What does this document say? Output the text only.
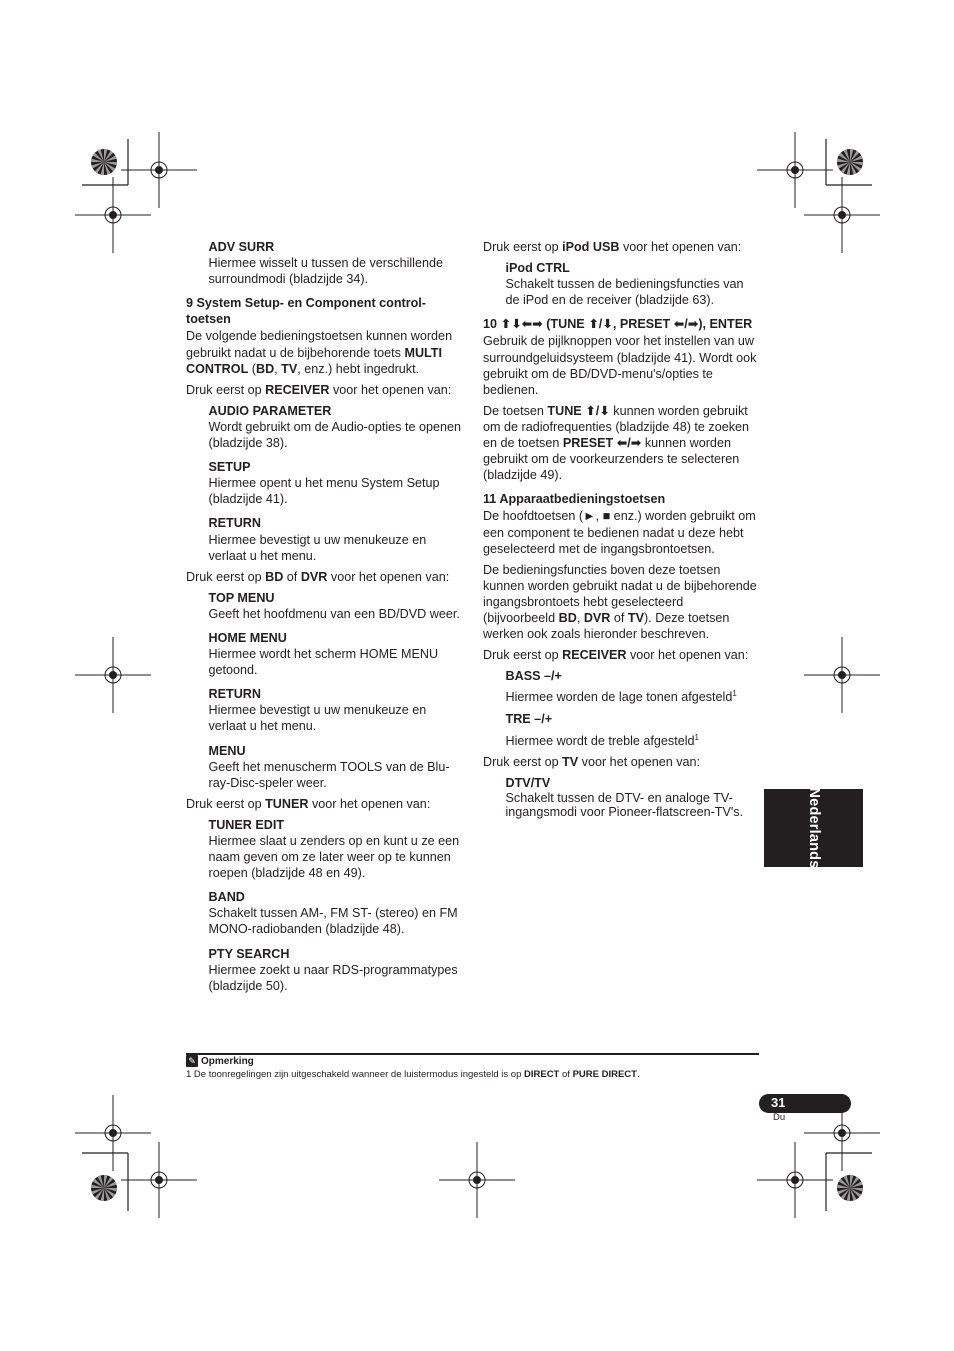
ADV SURR

Hiermee wisselt u tussen de verschillende surroundmodi (bladzijde 34).

9 System Setup- en Component control-toetsen

De volgende bedieningstoetsen kunnen worden gebruikt nadat u de bijbehorende toets MULTI CONTROL (BD, TV, enz.) hebt ingedrukt.

Druk eerst op RECEIVER voor het openen van:

AUDIO PARAMETER

Wordt gebruikt om de Audio-opties te openen (bladzijde 38).

SETUP

Hiermee opent u het menu System Setup (bladzijde 41).

RETURN

Hiermee bevestigt u uw menukeuze en verlaat u het menu.

Druk eerst op BD of DVR voor het openen van:

TOP MENU

Geeft het hoofdmenu van een BD/DVD weer.

HOME MENU

Hiermee wordt het scherm HOME MENU getoond.

RETURN

Hiermee bevestigt u uw menukeuze en verlaat u het menu.

MENU

Geeft het menuscherm TOOLS van de Blu-ray-Disc-speler weer.

Druk eerst op TUNER voor het openen van:

TUNER EDIT

Hiermee slaat u zenders op en kunt u ze een naam geven om ze later weer op te kunnen roepen (bladzijde 48 en 49).

BAND

Schakelt tussen AM-, FM ST- (stereo) en FM MONO-radiobanden (bladzijde 48).

PTY SEARCH

Hiermee zoekt u naar RDS-programmatypes (bladzijde 50).

Druk eerst op iPod USB voor het openen van:

iPod CTRL

Schakelt tussen de bedieningsfuncties van de iPod en de receiver (bladzijde 63).

10 ⬆⬇⬅➡ (TUNE ⬆/⬇, PRESET ⬅/➡), ENTER

Gebruik de pijlknoppen voor het instellen van uw surroundgeluidsysteem (bladzijde 41). Wordt ook gebruikt om de BD/DVD-menu's/opties te bedienen.

De toetsen TUNE ⬆/⬇ kunnen worden gebruikt om de radiofrequenties (bladzijde 48) te zoeken en de toetsen PRESET ⬅/➡ kunnen worden gebruikt om de voorkeurzenders te selecteren (bladzijde 49).

11 Apparaatbedieningstoetsen

De hoofdtoetsen (►, ■ enz.) worden gebruikt om een component te bedienen nadat u deze hebt geselecteerd met de ingangsbrontoetsen.

De bedieningsfuncties boven deze toetsen kunnen worden gebruikt nadat u de bijbehorende ingangsbrontoets hebt geselecteerd (bijvoorbeeld BD, DVR of TV). Deze toetsen werken ook zoals hieronder beschreven.

Druk eerst op RECEIVER voor het openen van:

BASS –/+

Hiermee worden de lage tonen afgesteld$^1$

TRE –/+

Hiermee wordt de treble afgesteld$^1$

Druk eerst op TV voor het openen van:

DTV/TV

Schakelt tussen de DTV- en analoge TV-ingangsmodi voor Pioneer-flatscreen-TV's.	Nederlands
✎ Opmerking
1 De toonregelingen zijn uitgeschakeld wanneer de luistermodus ingesteld is op DIRECT of PURE DIRECT.
31
Du
